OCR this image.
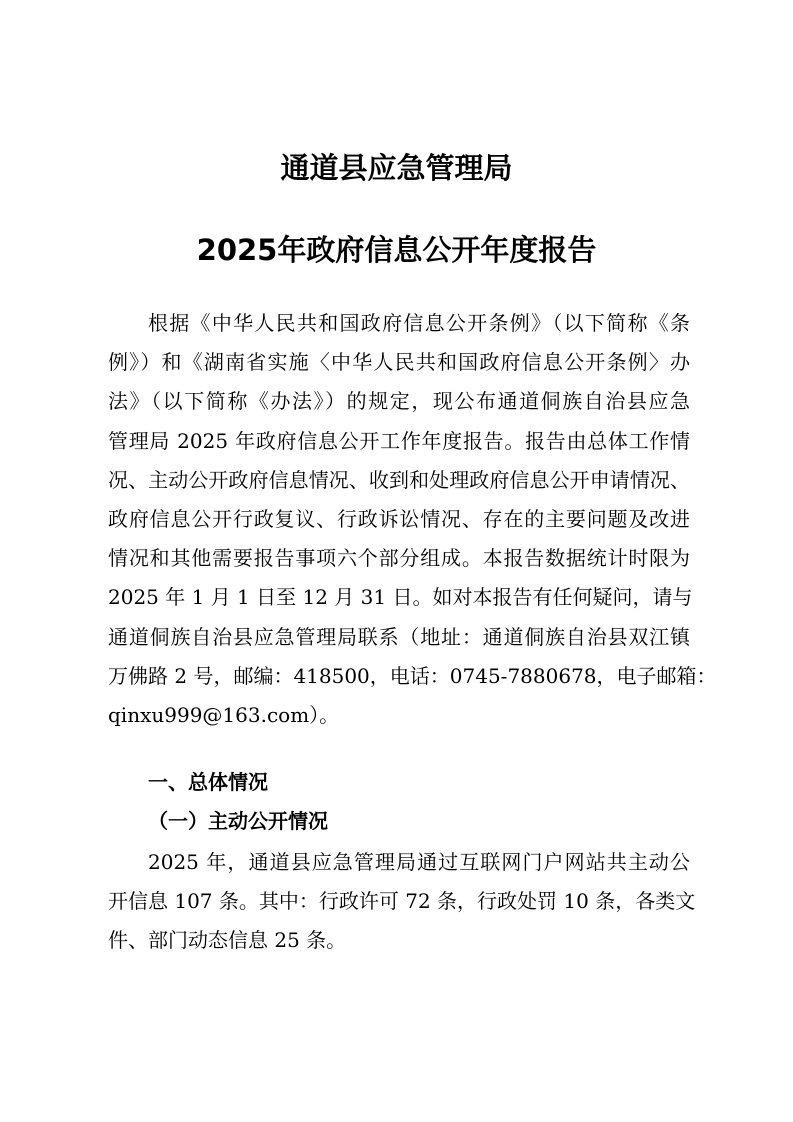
通道县应急管理局
2025年政府信息公开年度报告
根据《中华人民共和国政府信息公开条例》（以下简称《条
例》）和《湖南省实施〈中华人民共和国政府信息公开条例〉办
法》（以下简称《办法》）的规定，现公布通道侗族自治县应急
管理局 2025 年政府信息公开工作年度报告。报告由总体工作情
况、主动公开政府信息情况、收到和处理政府信息公开申请情况、
政府信息公开行政复议、行政诉讼情况、存在的主要问题及改进
情况和其他需要报告事项六个部分组成。本报告数据统计时限为
2025 年 1 月 1 日至 12 月 31 日。如对本报告有任何疑问，请与
通道侗族自治县应急管理局联系（地址：通道侗族自治县双江镇
万佛路 2 号，邮编：418500，电话：0745-7880678，电子邮箱：
qinxu999@163.com）。
一、总体情况
（一）主动公开情况
2025 年，通道县应急管理局通过互联网门户网站共主动公
开信息 107 条。其中：行政许可 72 条，行政处罚 10 条，各类文
件、部门动态信息 25 条。
